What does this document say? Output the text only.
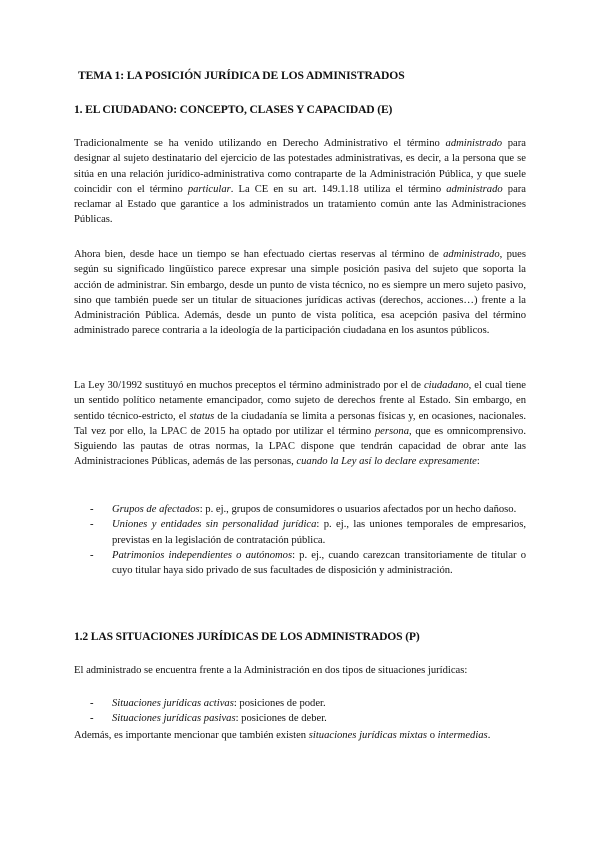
TEMA 1: LA POSICIÓN JURÍDICA DE LOS ADMINISTRADOS
1. EL CIUDADANO: CONCEPTO, CLASES Y CAPACIDAD (E)

Tradicionalmente se ha venido utilizando en Derecho Administrativo el término administrado para designar al sujeto destinatario del ejercicio de las potestades administrativas, es decir, a la persona que se sitúa en una relación jurídico-administrativa como contraparte de la Administración Pública, y que suele coincidir con el término particular. La CE en su art. 149.1.18 utiliza el término administrado para reclamar al Estado que garantice a los administrados un tratamiento común ante las Administraciones Públicas.

Ahora bien, desde hace un tiempo se han efectuado ciertas reservas al término de administrado, pues según su significado lingüístico parece expresar una simple posición pasiva del sujeto que soporta la acción de administrar. Sin embargo, desde un punto de vista técnico, no es siempre un mero sujeto pasivo, sino que también puede ser un titular de situaciones jurídicas activas (derechos, acciones…) frente a la Administración Pública. Además, desde un punto de vista política, esa acepción pasiva del término administrado parece contraria a la ideología de la participación ciudadana en los asuntos públicos.

La Ley 30/1992 sustituyó en muchos preceptos el término administrado por el de ciudadano, el cual tiene un sentido político netamente emancipador, como sujeto de derechos frente al Estado. Sin embargo, en sentido técnico-estricto, el status de la ciudadanía se limita a personas físicas y, en ocasiones, nacionales. Tal vez por ello, la LPAC de 2015 ha optado por utilizar el término persona, que es omnicomprensivo. Siguiendo las pautas de otras normas, la LPAC dispone que tendrán capacidad de obrar ante las Administraciones Públicas, además de las personas, cuando la Ley así lo declare expresamente:

- Grupos de afectados: p. ej., grupos de consumidores o usuarios afectados por un hecho dañoso.
- Uniones y entidades sin personalidad jurídica: p. ej., las uniones temporales de empresarios, previstas en la legislación de contratación pública.
- Patrimonios independientes o autónomos: p. ej., cuando carezcan transitoriamente de titular o cuyo titular haya sido privado de sus facultades de disposición y administración.
1.2 LAS SITUACIONES JURÍDICAS DE LOS ADMINISTRADOS (P)

El administrado se encuentra frente a la Administración en dos tipos de situaciones jurídicas:

- Situaciones jurídicas activas: posiciones de poder.
- Situaciones jurídicas pasivas: posiciones de deber.

Además, es importante mencionar que también existen situaciones jurídicas mixtas o intermedias.
